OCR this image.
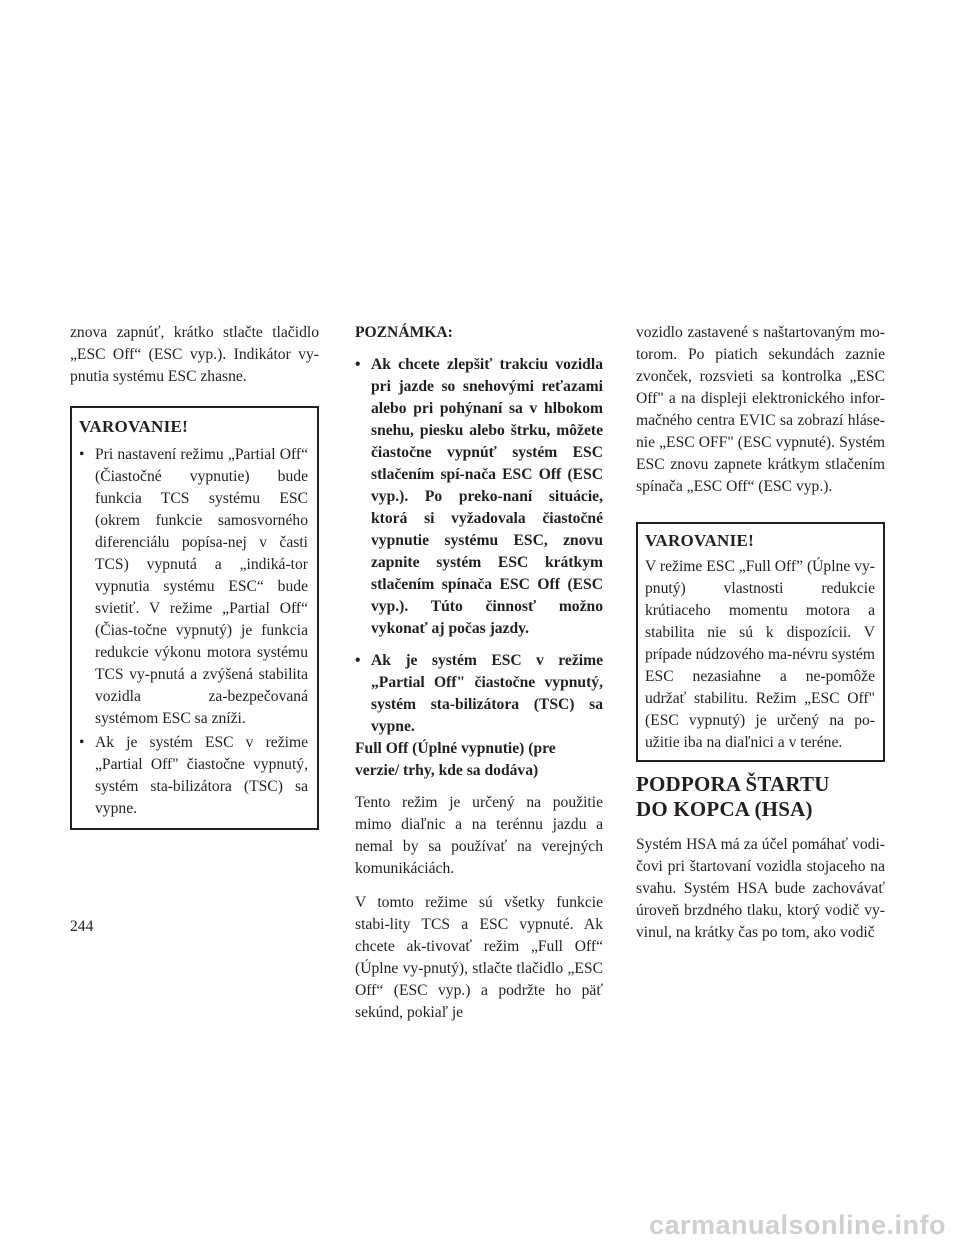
znova zapnúť, krátko stlačte tlačidlo „ESC Off“ (ESC vyp.). Indikátor vy-pnutia systému ESC zhasne.

VAROVANIE!

• Pri nastavení režimu „Partial Off“ (Čiastočné vypnutie) bude funkcia TCS systému ESC (okrem funkcie samosvorného diferenciálu popísa-nej v časti TCS) vypnutá a „indiká-tor vypnutia systému ESC“ bude svietiť. V režime „Partial Off“ (Čias-točne vypnutý) je funkcia redukcie výkonu motora systému TCS vy-pnutá a zvýšená stabilita vozidla za-bezpečovaná systémom ESC sa zníži.

• Ak je systém ESC v režime „Partial Off" čiastočne vypnutý, systém sta-bilizátora (TSC) sa vypne.

POZNÁMKA:

• Ak chcete zlepšiť trakciu vozidla pri jazde so snehovými reťazami alebo pri pohýnaní sa v hlbokom snehu, piesku alebo štrku, môžete čiastočne vypnúť systém ESC stlačením spí-nača ESC Off (ESC vyp.). Po preko-naní situácie, ktorá si vyžadovala čiastočné vypnutie systému ESC, znovu zapnite systém ESC krátkym stlačením spínača ESC Off (ESC vyp.). Túto činnosť možno vykonať aj počas jazdy.

• Ak je systém ESC v režime „Partial Off" čiastočne vypnutý, systém sta-bilizátora (TSC) sa vypne.

Full Off (Úplné vypnutie) (pre verzie/ trhy, kde sa dodáva)

Tento režim je určený na použitie mimo diaľnic a na terénnu jazdu a nemal by sa používať na verejných komunikáciách.

V tomto režime sú všetky funkcie stabi-lity TCS a ESC vypnuté. Ak chcete ak-tivovať režim „Full Off“ (Úplne vy-pnutý), stlačte tlačidlo „ESC Off“ (ESC vyp.) a podržte ho päť sekúnd, pokiaľ je

vozidlo zastavené s naštartovaným mo-torom. Po piatich sekundách zaznie zvonček, rozsvieti sa kontrolka „ESC Off" a na displeji elektronického infor-mačného centra EVIC sa zobrazí hláse-nie „ESC OFF" (ESC vypnuté). Systém ESC znovu zapnete krátkym stlačením spínača „ESC Off“ (ESC vyp.).

VAROVANIE!

V režime ESC „Full Off” (Úplne vy-pnutý) vlastnosti redukcie krútiaceho momentu motora a stabilita nie sú k dispozícii. V prípade núdzového ma-névru systém ESC nezasiahne a ne-pomôže udržať stabilitu. Režim „ESC Off" (ESC vypnutý) je určený na po-užitie iba na diaľnici a v teréne.

PODPORA ŠTARTU DO KOPCA (HSA)

Systém HSA má za účel pomáhať vodi-čovi pri štartovaní vozidla stojaceho na svahu. Systém HSA bude zachovávať úroveň brzdného tlaku, ktorý vodič vy-vinul, na krátky čas po tom, ako vodič

244
carmanualsonline.info
